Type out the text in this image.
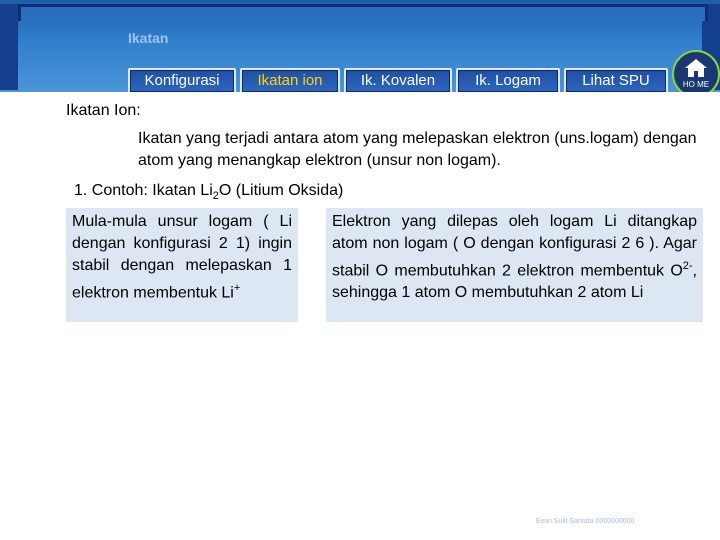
Ikatan
Konfigurasi	Ikatan ion	Ik. Kovalen	Ik. Logam	Lihat SPU	HO ME
Ikatan Ion:
Ikatan yang terjadi antara atom yang melepaskan elektron (uns.logam) dengan atom yang menangkap elektron (unsur non logam).
1. Contoh: Ikatan $Li_2O$ (Litium Oksida)
Mula-mula unsur logam ( Li dengan konfigurasi 2 1) ingin stabil dengan melepaskan 1 elektron membentuk Li+
Elektron yang dilepas oleh logam Li ditangkap atom non logam ( O dengan konfigurasi 2 6 ). Agar stabil O membutuhkan 2 elektron membentuk $O^{2-}$, sehingga 1 atom O membutuhkan 2 atom Li
Evan Sulit Santata 0000000000
